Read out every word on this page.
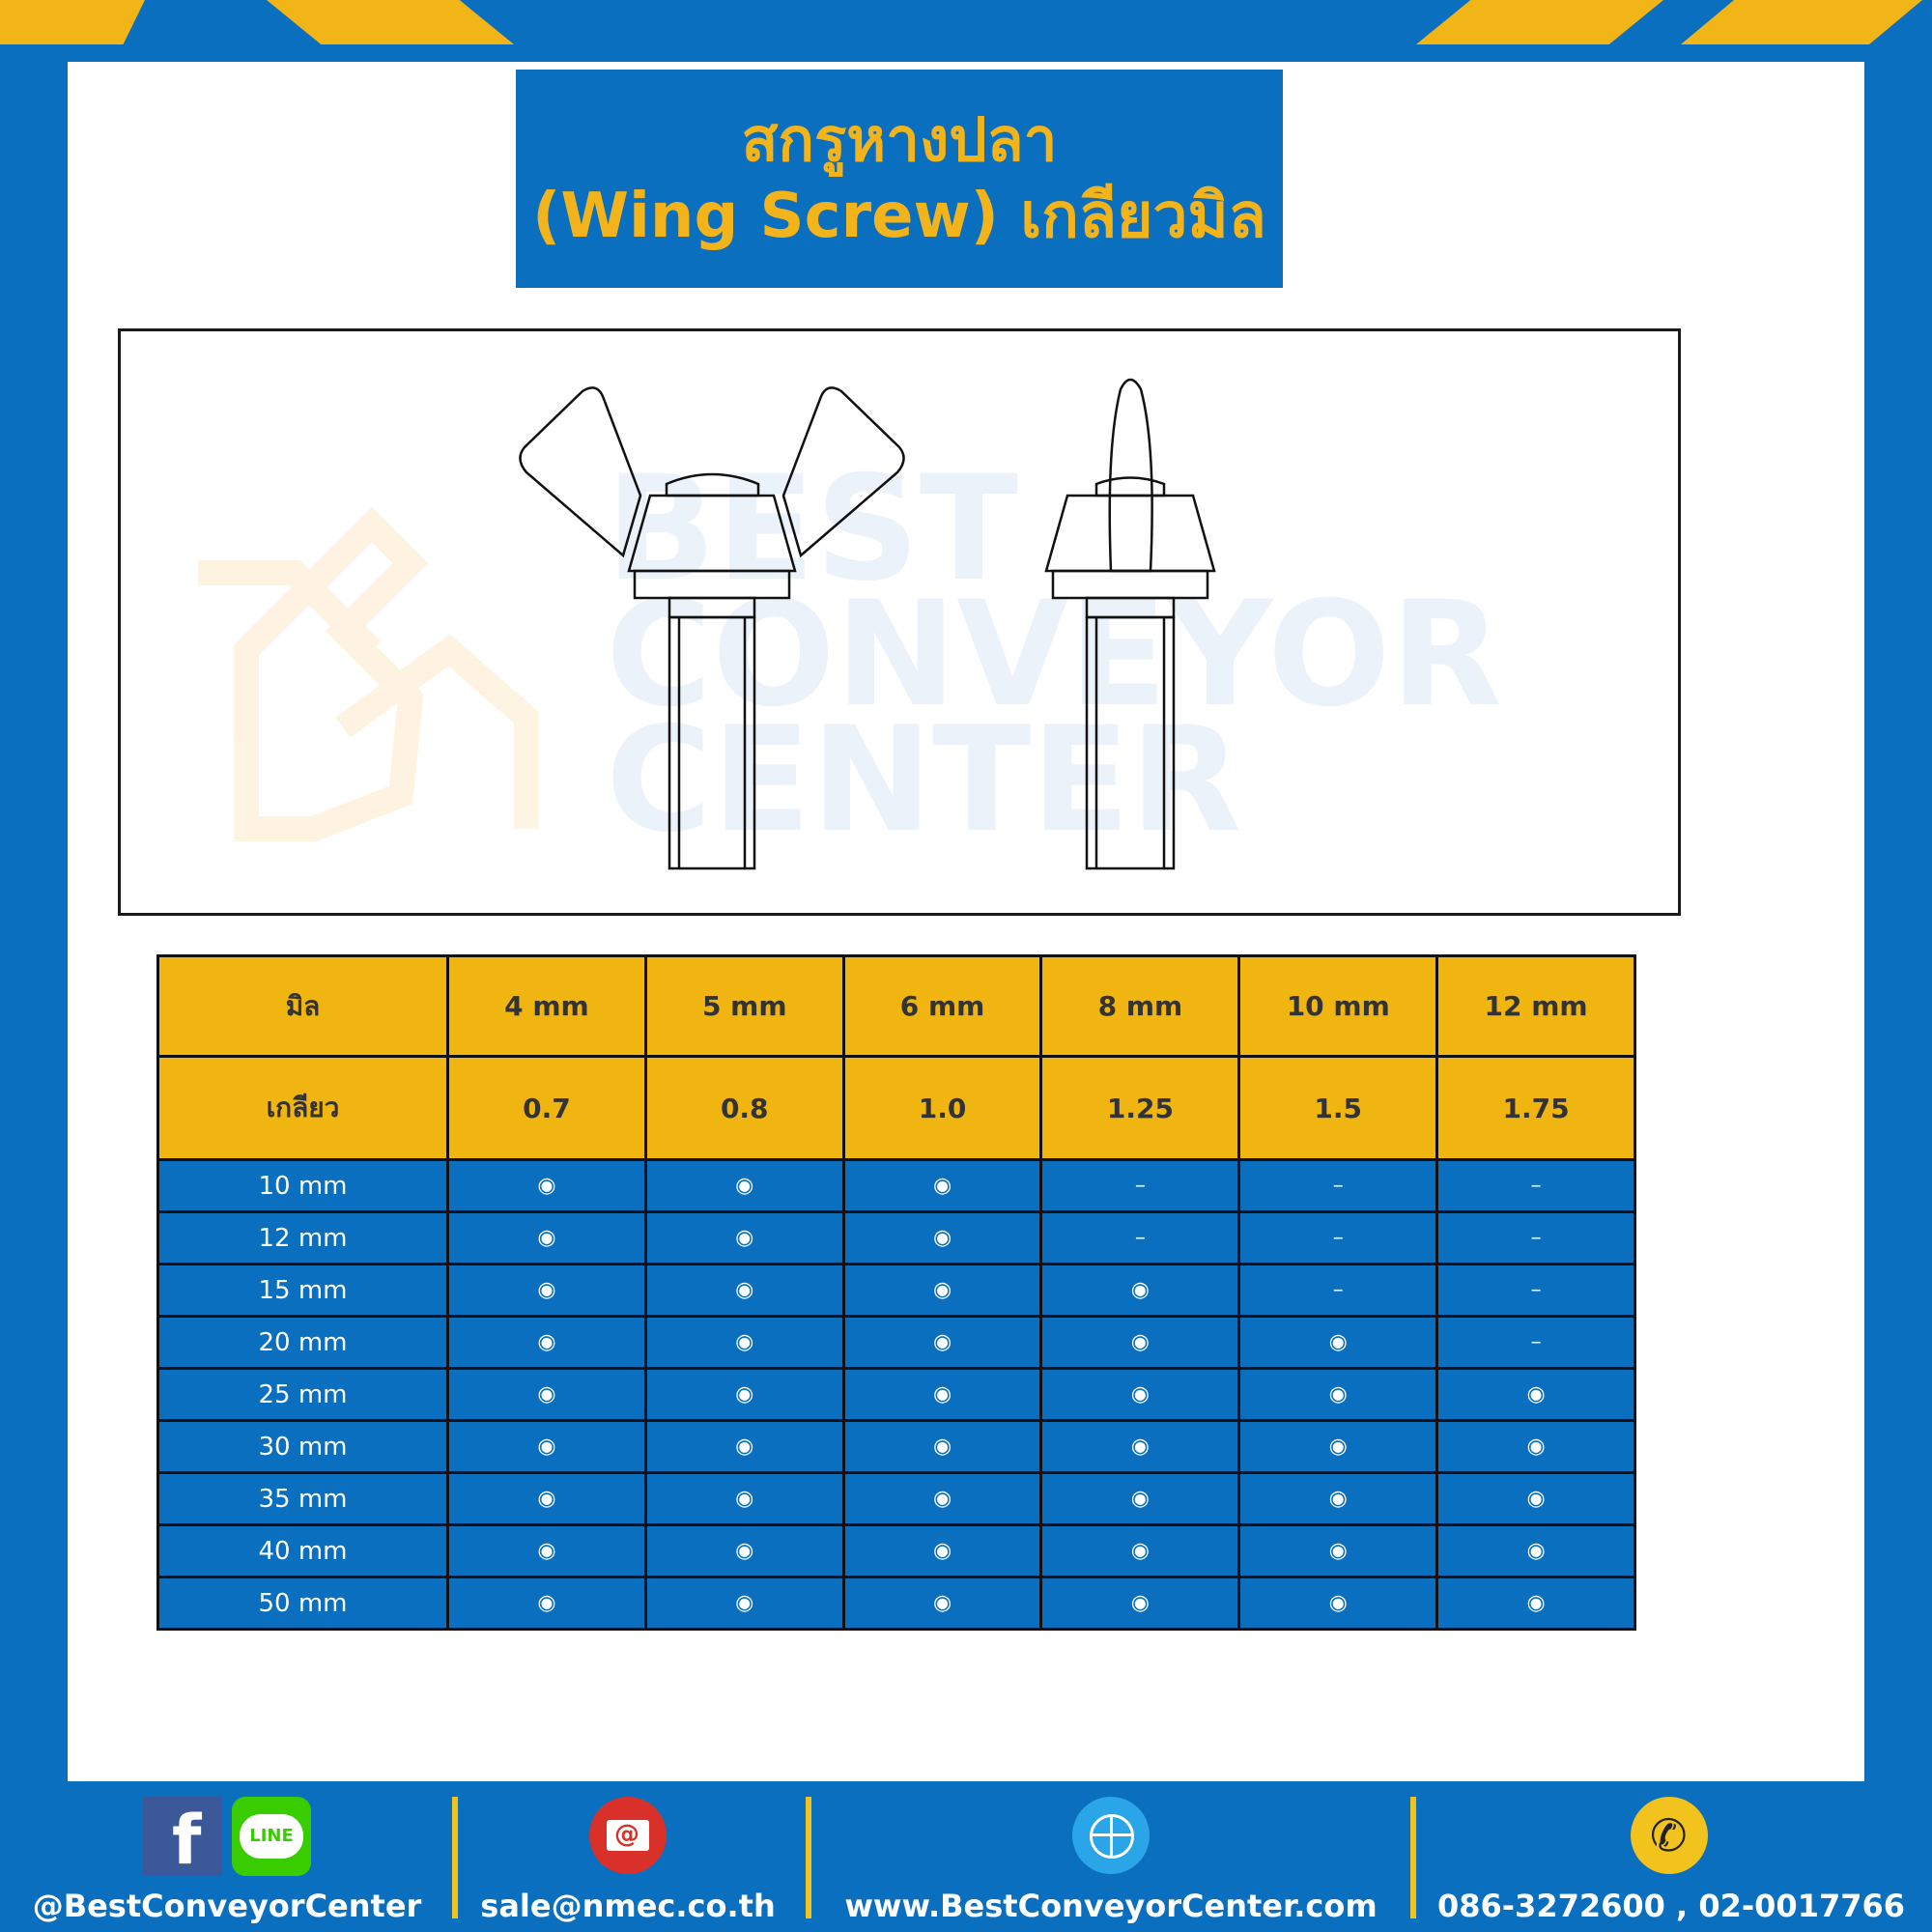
สกรูหางปลา
(Wing Screw) เกลียวมิล
BEST
CONVEYOR
CENTER
มิล	4 mm	5 mm	6 mm	8 mm	10 mm	12 mm
เกลียว	0.7	0.8	1.0	1.25	1.5	1.75
10 mm	◉	◉	◉	–	–	–
12 mm	◉	◉	◉	–	–	–
15 mm	◉	◉	◉	◉	–	–
20 mm	◉	◉	◉	◉	◉	–
25 mm	◉	◉	◉	◉	◉	◉
30 mm	◉	◉	◉	◉	◉	◉
35 mm	◉	◉	◉	◉	◉	◉
40 mm	◉	◉	◉	◉	◉	◉
50 mm	◉	◉	◉	◉	◉	◉
f	LINE
@BestConveyorCenter
@
sale@nmec.co.th	www.BestConveyorCenter.com
✆
086-3272600 , 02-0017766
